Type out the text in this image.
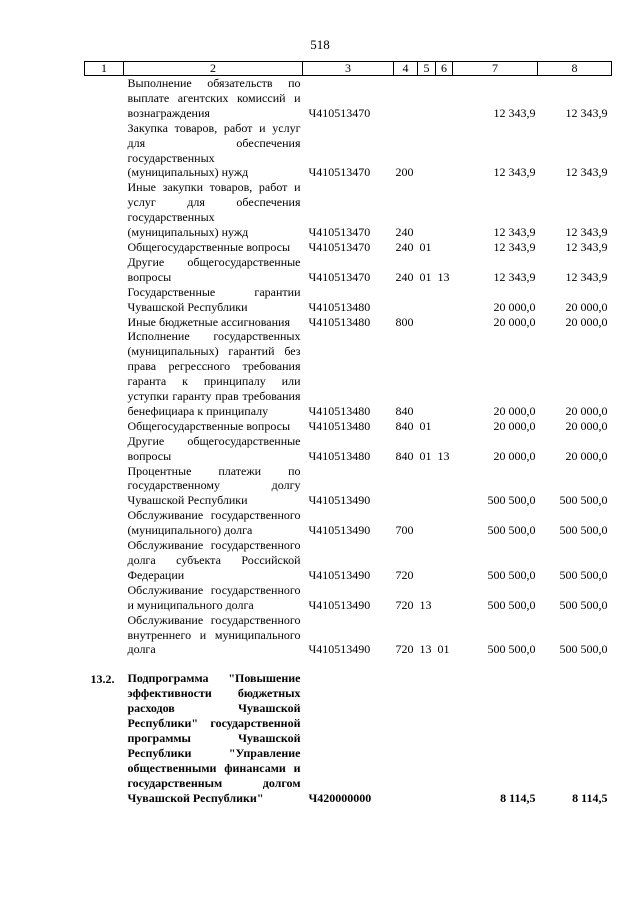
518
1	2	3	4	5	6	7	8
	Выполнение обязательств по выплате агентских комиссий и вознаграждения	Ч410513470				12 343,9	12 343,9
	Закупка товаров, работ и услуг для обеспечения государственных (муниципальных) нужд	Ч410513470	200			12 343,9	12 343,9
	Иные закупки товаров, работ и услуг для обеспечения государственных (муниципальных) нужд	Ч410513470	240			12 343,9	12 343,9
	Общегосударственные вопросы	Ч410513470	240	01		12 343,9	12 343,9
	Другие общегосударственные вопросы	Ч410513470	240	01	13	12 343,9	12 343,9
	Государственные гарантии Чувашской Республики	Ч410513480				20 000,0	20 000,0
	Иные бюджетные ассигнования	Ч410513480	800			20 000,0	20 000,0
	Исполнение государственных (муниципальных) гарантий без права регрессного требования гаранта к принципалу или уступки гаранту прав требования бенефициара к принципалу	Ч410513480	840			20 000,0	20 000,0
	Общегосударственные вопросы	Ч410513480	840	01		20 000,0	20 000,0
	Другие общегосударственные вопросы	Ч410513480	840	01	13	20 000,0	20 000,0
	Процентные платежи по государственному долгу Чувашской Республики	Ч410513490				500 500,0	500 500,0
	Обслуживание государственного (муниципального) долга	Ч410513490	700			500 500,0	500 500,0
	Обслуживание государственного долга субъекта Российской Федерации	Ч410513490	720			500 500,0	500 500,0
	Обслуживание государственного и муниципального долга	Ч410513490	720	13		500 500,0	500 500,0
	Обслуживание государственного внутреннего и муниципального долга	Ч410513490	720	13	01	500 500,0	500 500,0

13.2.	Подпрограмма "Повышение эффективности бюджетных расходов Чувашской Республики" государственной программы Чувашской Республики "Управление общественными финансами и государственным долгом Чувашской Республики"	Ч420000000				8 114,5	8 114,5
